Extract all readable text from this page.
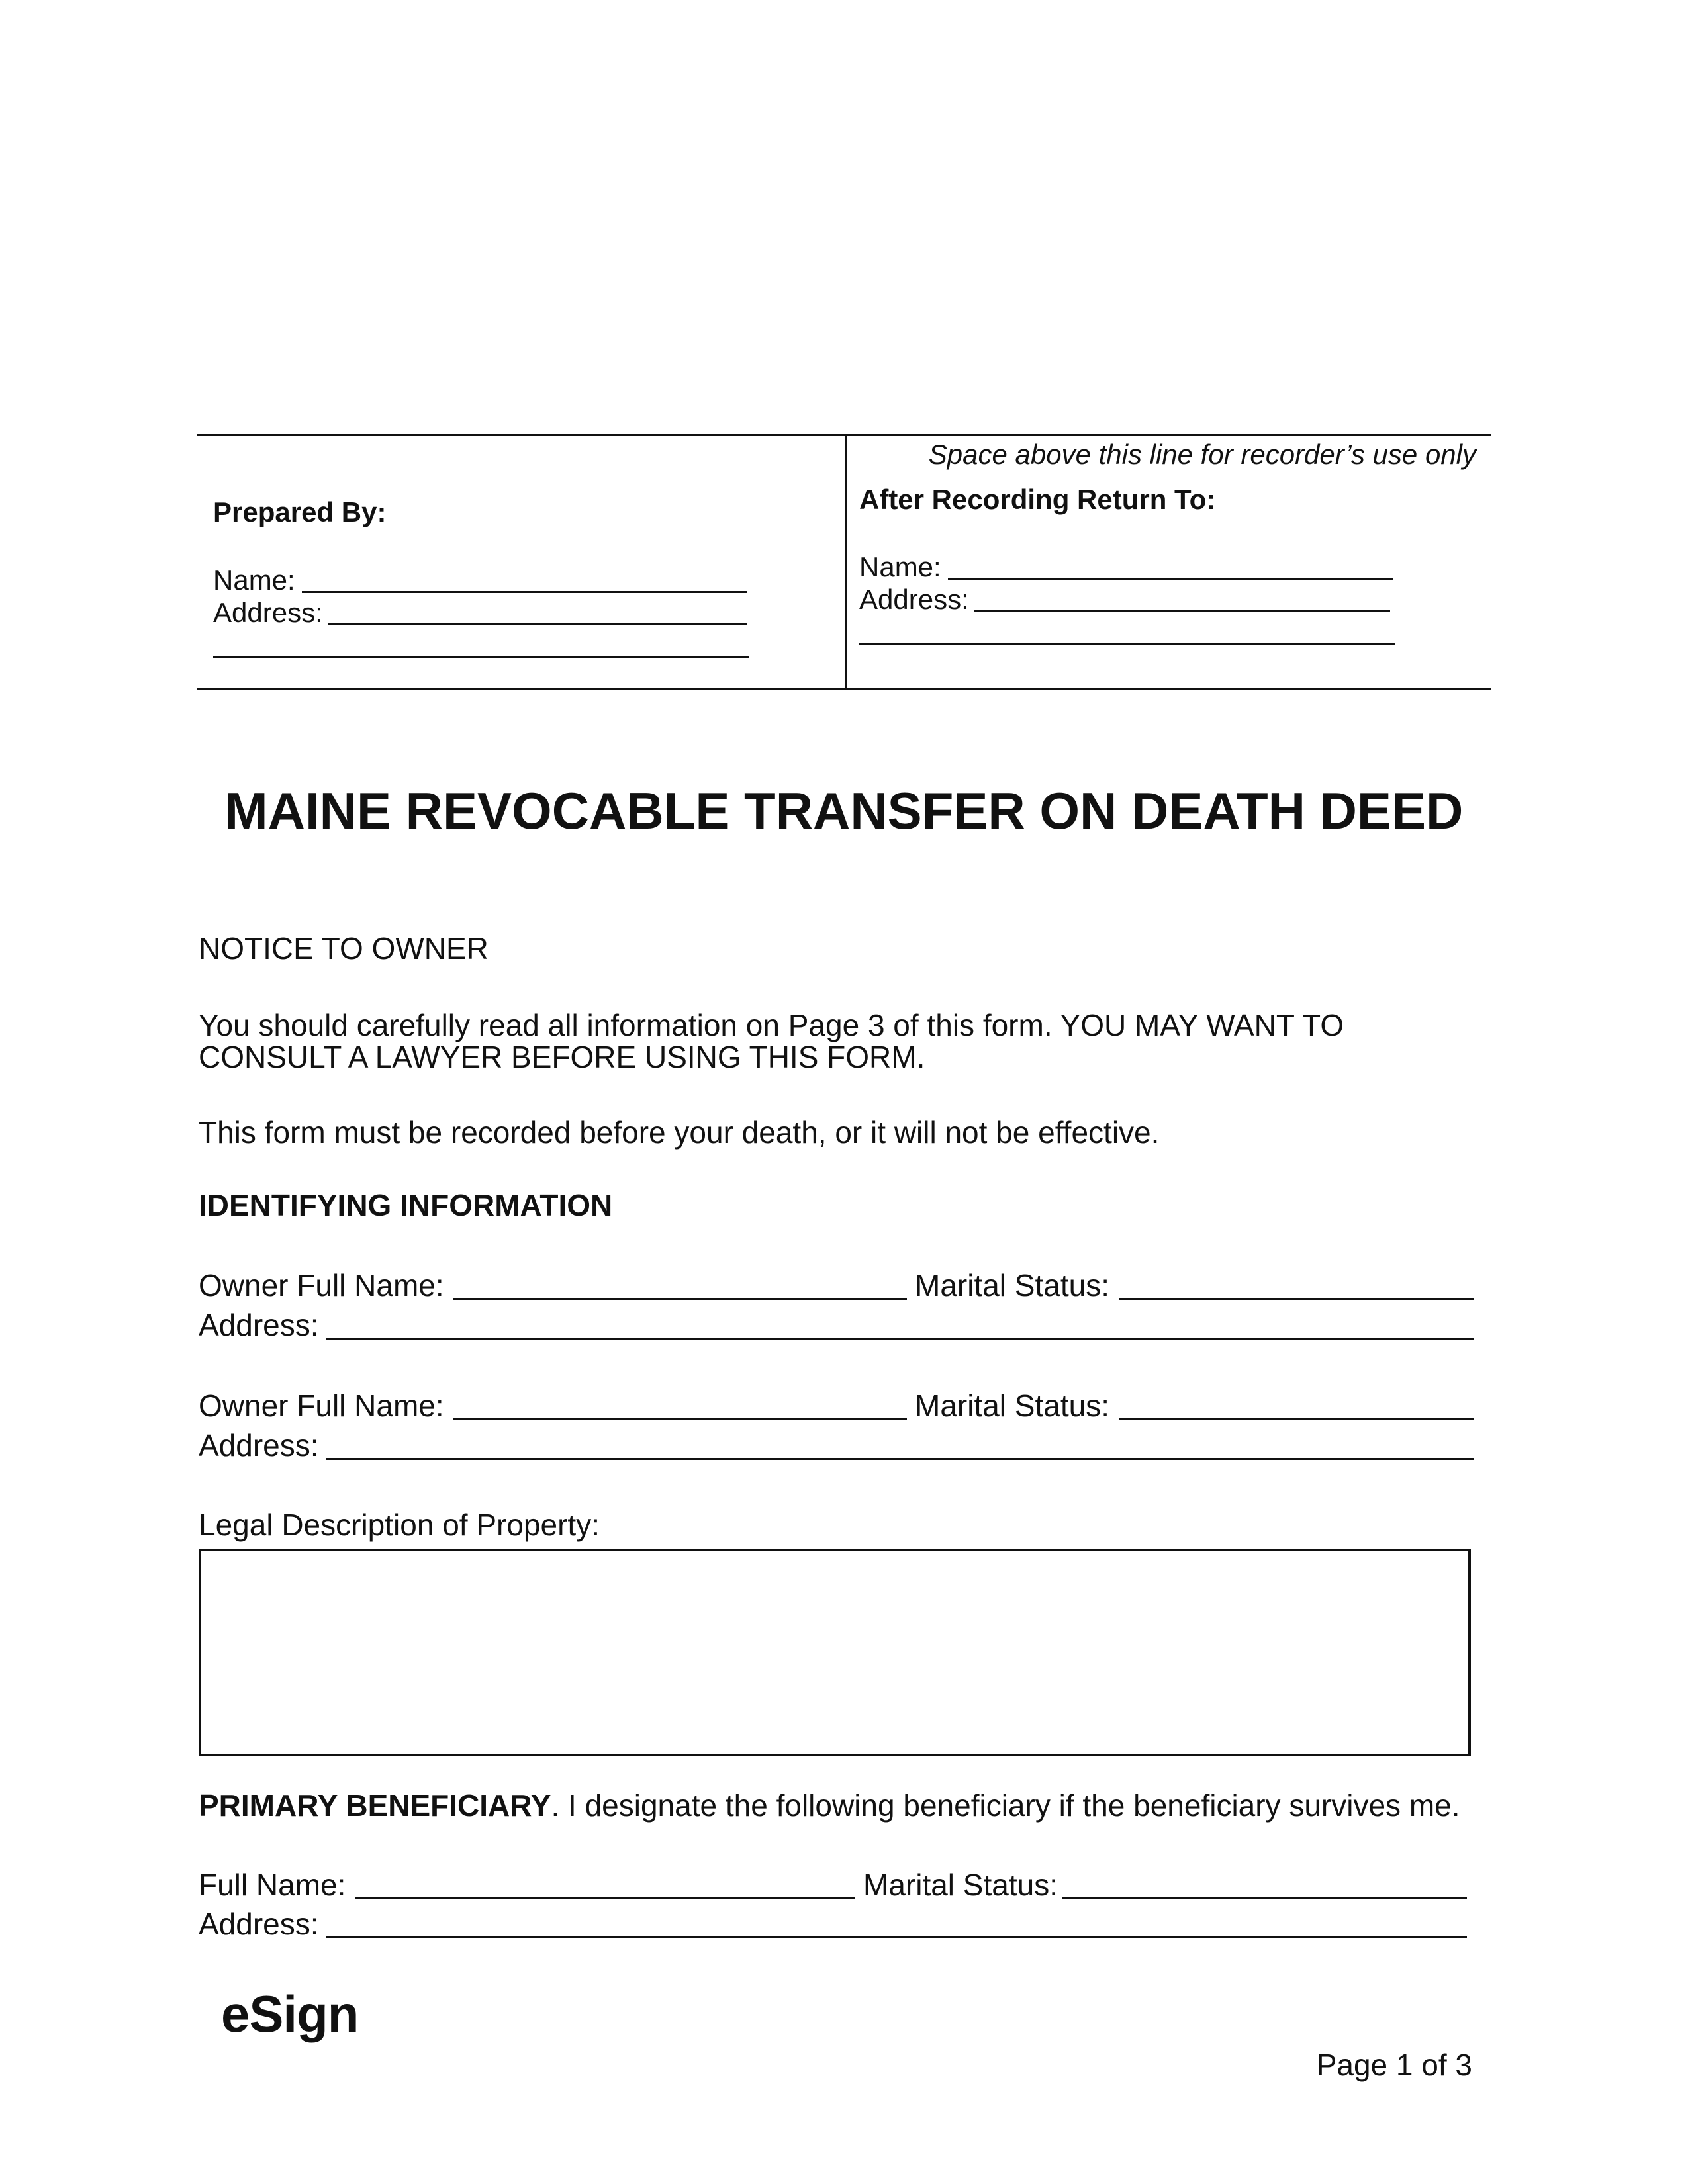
Space above this line for recorder’s use only
Prepared By:
Name:
Address:
After Recording Return To:
Name:
Address:
MAINE REVOCABLE TRANSFER ON DEATH DEED
NOTICE TO OWNER
You should carefully read all information on Page 3 of this form. YOU MAY WANT TO
CONSULT A LAWYER BEFORE USING THIS FORM.
This form must be recorded before your death, or it will not be effective.
IDENTIFYING INFORMATION
Owner Full Name:	Marital Status:
Address:
Owner Full Name:	Marital Status:
Address:
Legal Description of Property:
PRIMARY BENEFICIARY. I designate the following beneficiary if the beneficiary survives me.
Full Name:	Marital Status:
Address:
eSign
Page 1 of 3
